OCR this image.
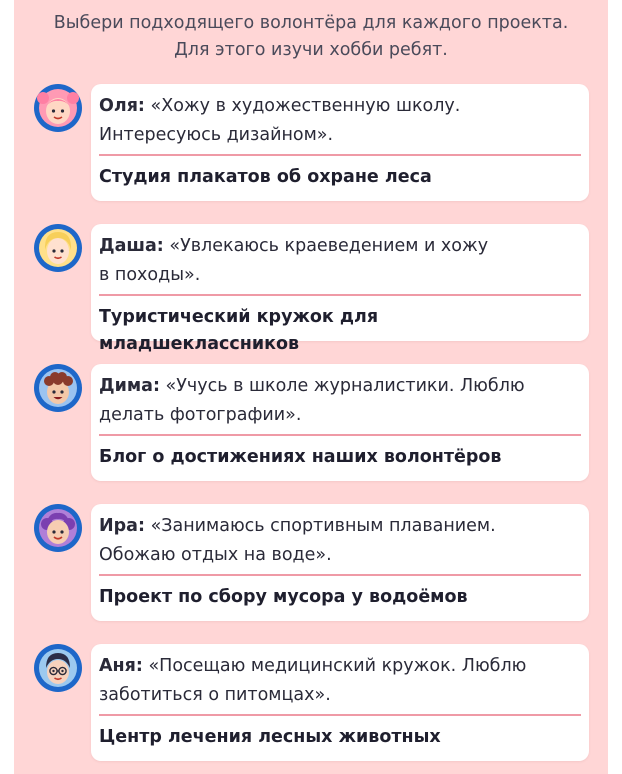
Выбери подходящего волонтёра для каждого проекта.
Для этого изучи хобби ребят.
Оля: «Хожу в художественную школу.
Интересуюсь дизайном».
Студия плакатов об охране леса
Даша: «Увлекаюсь краеведением и хожу
в походы».
Туристический кружок для младшеклассников
Дима: «Учусь в школе журналистики. Люблю
делать фотографии».
Блог о достижениях наших волонтёров
Ира: «Занимаюсь спортивным плаванием.
Обожаю отдых на воде».
Проект по сбору мусора у водоёмов
Аня: «Посещаю медицинский кружок. Люблю
заботиться о питомцах».
Центр лечения лесных животных
